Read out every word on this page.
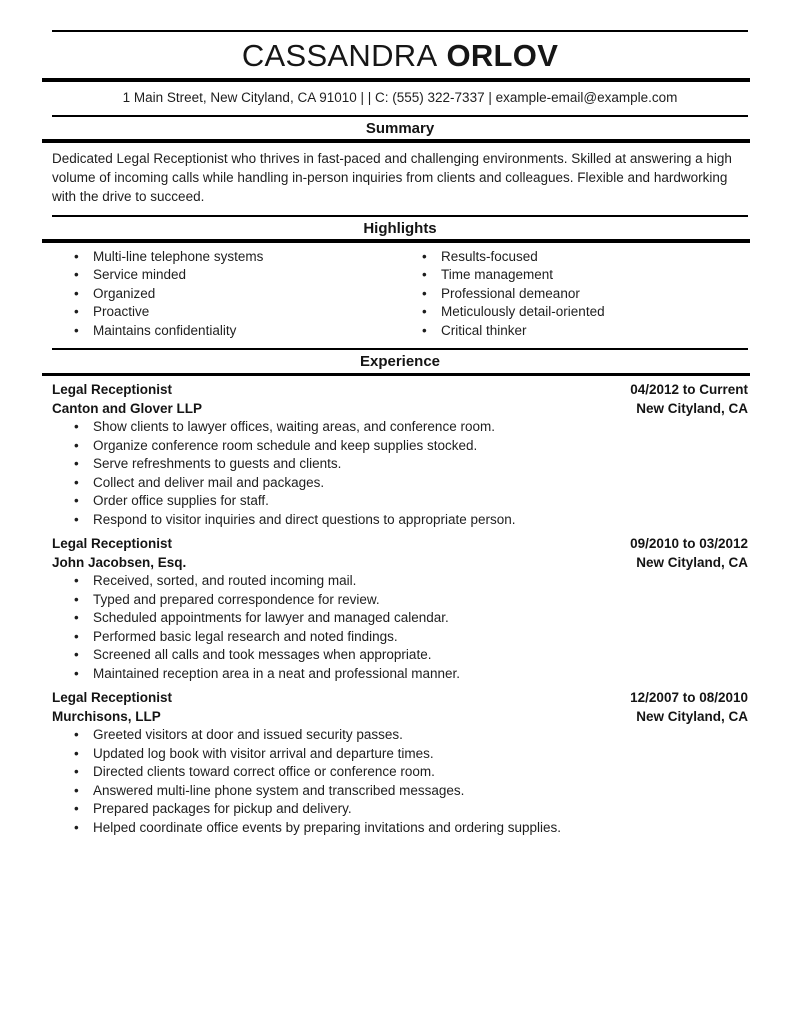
CASSANDRA ORLOV
1 Main Street, New Cityland, CA 91010 | | C: (555) 322-7337 | example-email@example.com
Summary

Dedicated Legal Receptionist who thrives in fast-paced and challenging environments. Skilled at answering a high volume of incoming calls while handling in-person inquiries from clients and colleagues. Flexible and hardworking with the drive to succeed.

Highlights
• Multi-line telephone systems
• Service minded
• Organized
• Proactive
• Maintains confidentiality
• Results-focused
• Time management
• Professional demeanor
• Meticulously detail-oriented
• Critical thinker
Experience
Legal Receptionist	04/2012 to Current
Canton and Glover LLP	New Cityland, CA
• Show clients to lawyer offices, waiting areas, and conference room.
• Organize conference room schedule and keep supplies stocked.
• Serve refreshments to guests and clients.
• Collect and deliver mail and packages.
• Order office supplies for staff.
• Respond to visitor inquiries and direct questions to appropriate person.
Legal Receptionist	09/2010 to 03/2012
John Jacobsen, Esq.	New Cityland, CA
• Received, sorted, and routed incoming mail.
• Typed and prepared correspondence for review.
• Scheduled appointments for lawyer and managed calendar.
• Performed basic legal research and noted findings.
• Screened all calls and took messages when appropriate.
• Maintained reception area in a neat and professional manner.
Legal Receptionist	12/2007 to 08/2010
Murchisons, LLP	New Cityland, CA
• Greeted visitors at door and issued security passes.
• Updated log book with visitor arrival and departure times.
• Directed clients toward correct office or conference room.
• Answered multi-line phone system and transcribed messages.
• Prepared packages for pickup and delivery.
• Helped coordinate office events by preparing invitations and ordering supplies.
